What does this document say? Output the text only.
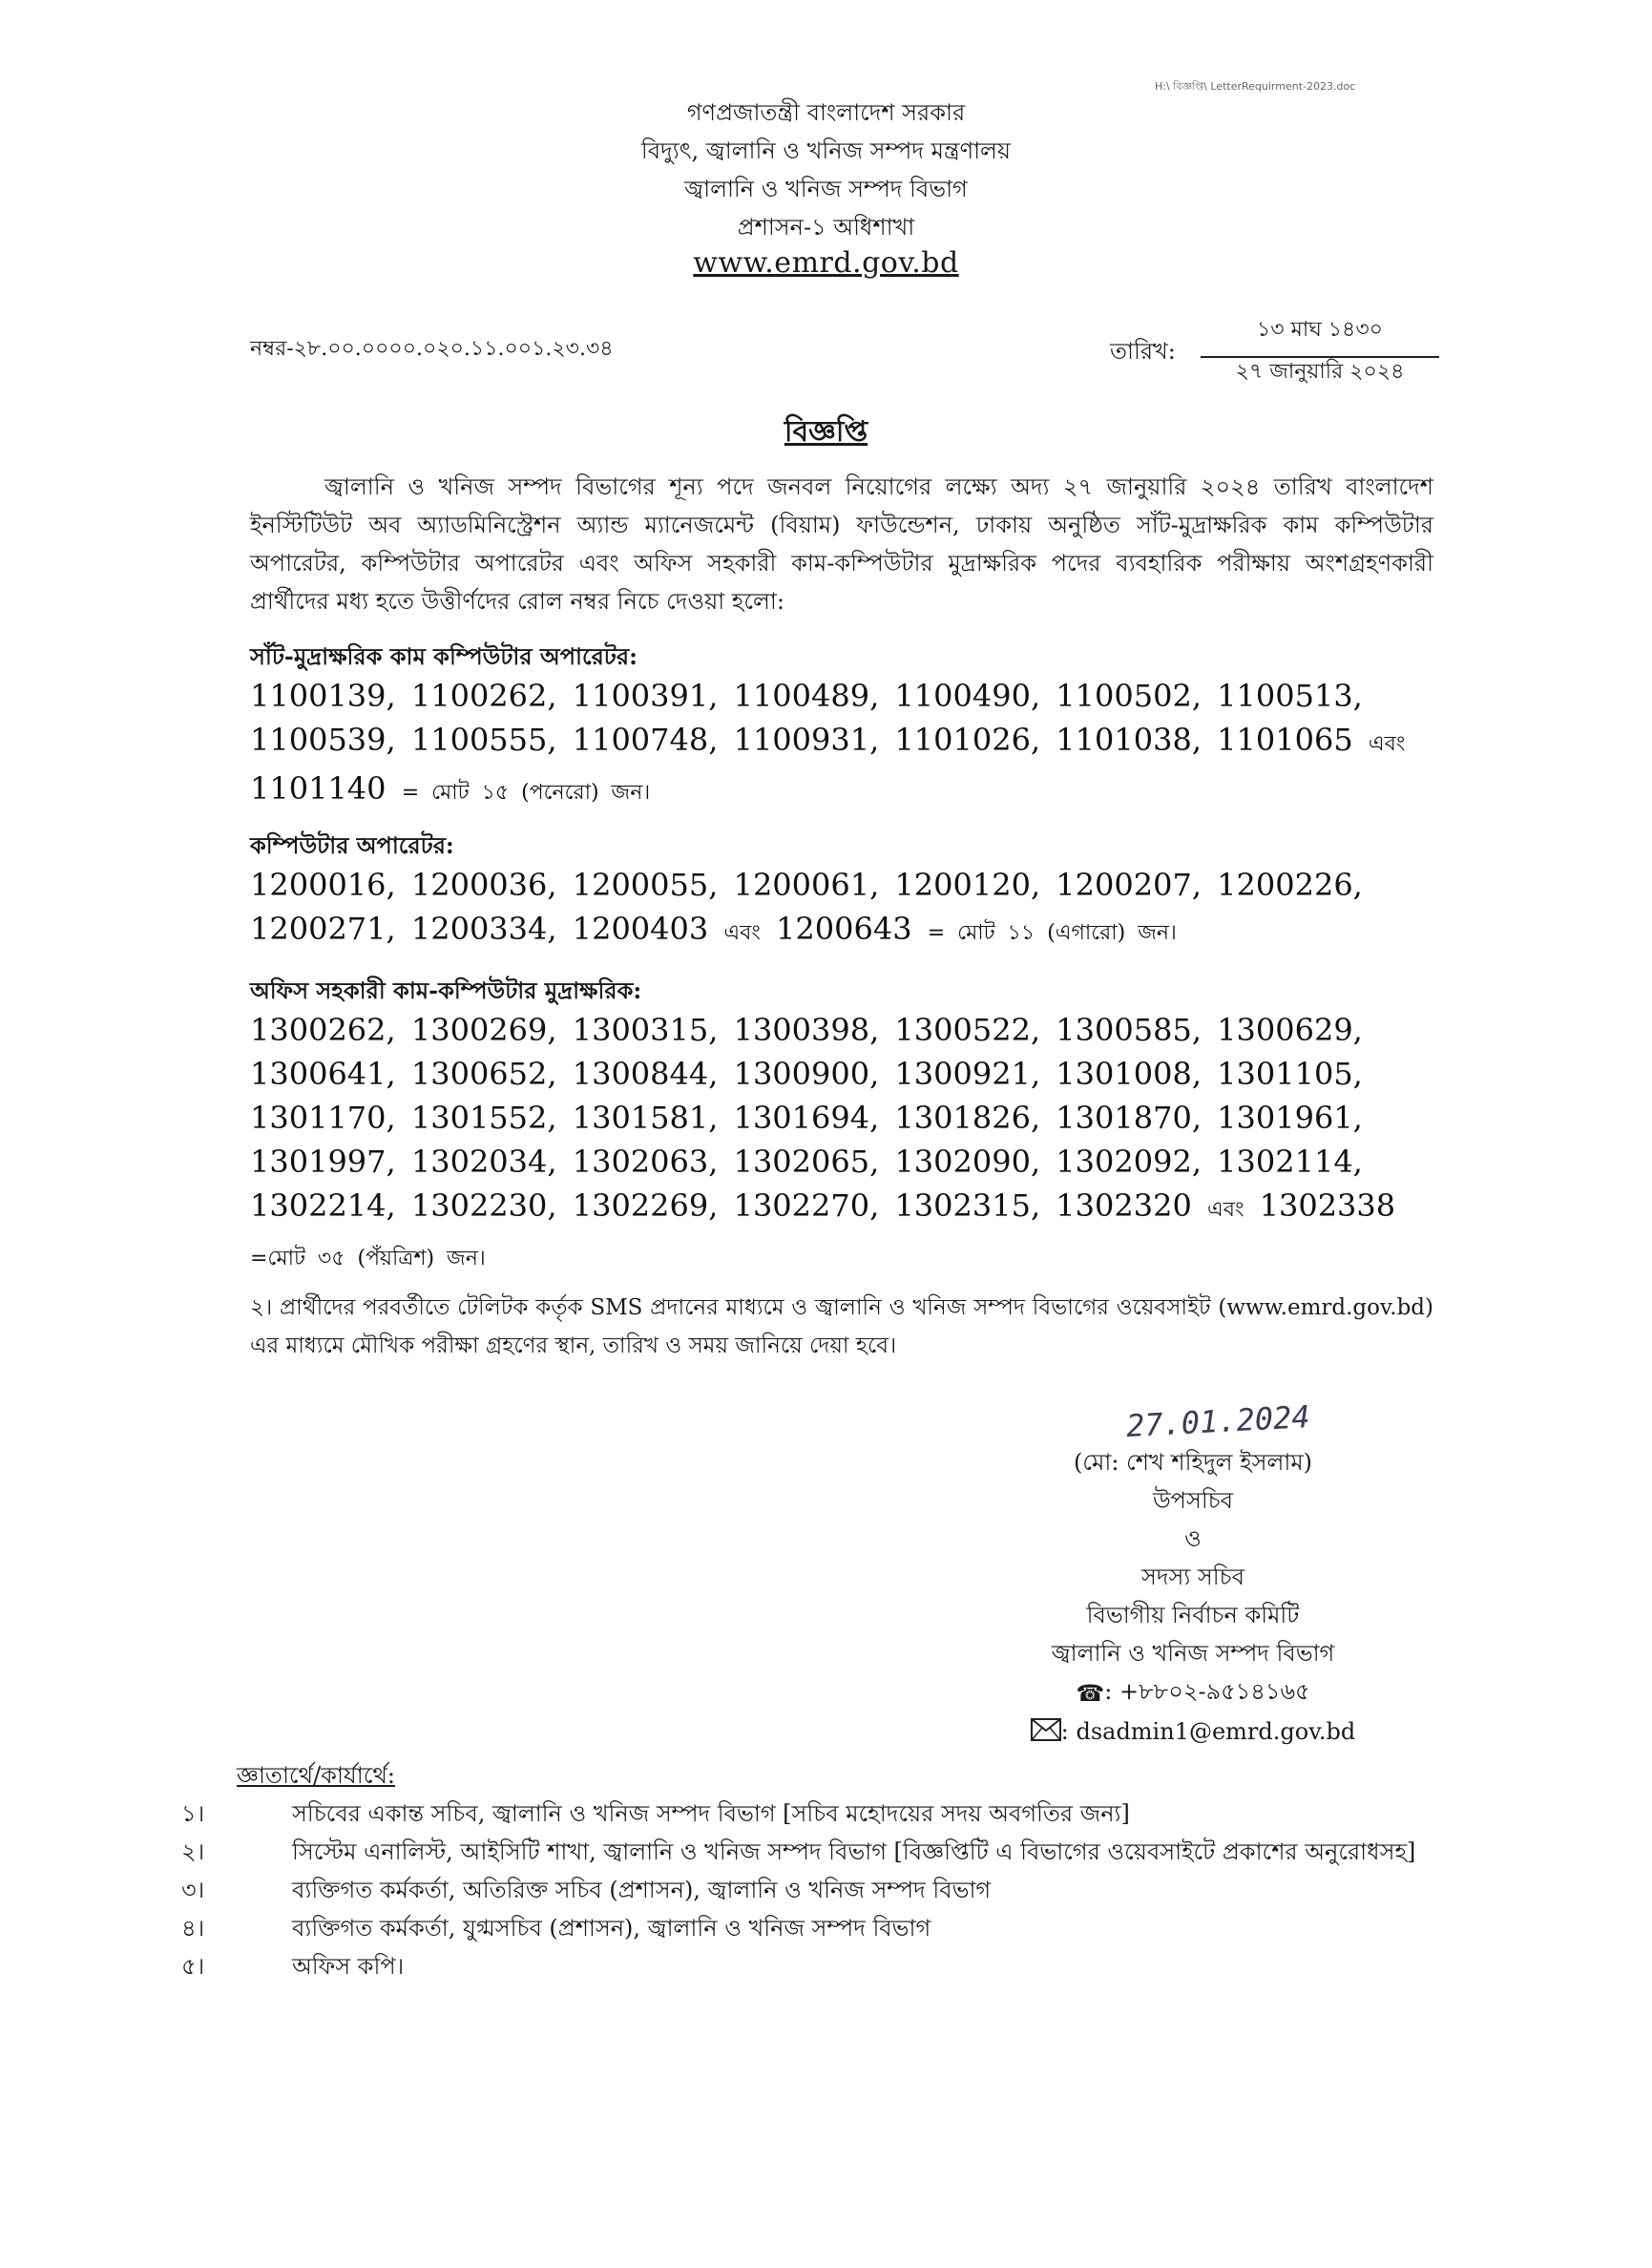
H:\ বিজ্ঞপ্তি\ LetterRequirment-2023.doc
গণপ্রজাতন্ত্রী বাংলাদেশ সরকার
বিদ্যুৎ, জ্বালানি ও খনিজ সম্পদ মন্ত্রণালয়
জ্বালানি ও খনিজ সম্পদ বিভাগ
প্রশাসন-১ অধিশাখা
www.emrd.gov.bd
নম্বর-২৮.০০.০০০০.০২০.১১.০০১.২৩.৩৪	তারিখ:
১৩ মাঘ ১৪৩০
২৭ জানুয়ারি ২০২৪
বিজ্ঞপ্তি
জ্বালানি ও খনিজ সম্পদ বিভাগের শূন্য পদে জনবল নিয়োগের লক্ষ্যে অদ্য ২৭ জানুয়ারি ২০২৪ তারিখ বাংলাদেশ ইনস্টিটিউট অব অ্যাডমিনিস্ট্রেশন অ্যান্ড ম্যানেজমেন্ট (বিয়াম) ফাউন্ডেশন, ঢাকায় অনুষ্ঠিত সাঁট-মুদ্রাক্ষরিক কাম কম্পিউটার অপারেটর, কম্পিউটার অপারেটর এবং অফিস সহকারী কাম-কম্পিউটার মুদ্রাক্ষরিক পদের ব্যবহারিক পরীক্ষায় অংশগ্রহণকারী প্রার্থীদের মধ্য হতে উত্তীর্ণদের রোল নম্বর নিচে দেওয়া হলো:
সাঁট-মুদ্রাক্ষরিক কাম কম্পিউটার অপারেটর:
1100139, 1100262, 1100391, 1100489, 1100490, 1100502, 1100513, 1100539, 1100555, 1100748, 1100931, 1101026, 1101038, 1101065 এবং 1101140 = মোট ১৫ (পনেরো) জন।
কম্পিউটার অপারেটর:
1200016, 1200036, 1200055, 1200061, 1200120, 1200207, 1200226, 1200271, 1200334, 1200403 এবং 1200643 = মোট ১১ (এগারো) জন।
অফিস সহকারী কাম-কম্পিউটার মুদ্রাক্ষরিক:
1300262, 1300269, 1300315, 1300398, 1300522, 1300585, 1300629, 1300641, 1300652, 1300844, 1300900, 1300921, 1301008, 1301105, 1301170, 1301552, 1301581, 1301694, 1301826, 1301870, 1301961, 1301997, 1302034, 1302063, 1302065, 1302090, 1302092, 1302114, 1302214, 1302230, 1302269, 1302270, 1302315, 1302320 এবং 1302338 =মোট ৩৫ (পঁয়ত্রিশ) জন।
২। প্রার্থীদের পরবর্তীতে টেলিটক কর্তৃক SMS প্রদানের মাধ্যমে ও জ্বালানি ও খনিজ সম্পদ বিভাগের ওয়েবসাইট (www.emrd.gov.bd) এর মাধ্যমে মৌখিক পরীক্ষা গ্রহণের স্থান, তারিখ ও সময় জানিয়ে দেয়া হবে।
27.01.2024
(মো: শেখ শহিদুল ইসলাম)
উপসচিব
ও
সদস্য সচিব
বিভাগীয় নির্বাচন কমিটি
জ্বালানি ও খনিজ সম্পদ বিভাগ
☎: +৮৮০২-৯৫১৪১৬৫
: dsadmin1@emrd.gov.bd
জ্ঞাতার্থে/কার্যার্থে:
১।	সচিবের একান্ত সচিব, জ্বালানি ও খনিজ সম্পদ বিভাগ [সচিব মহোদয়ের সদয় অবগতির জন্য]
২।	সিস্টেম এনালিস্ট, আইসিটি শাখা, জ্বালানি ও খনিজ সম্পদ বিভাগ [বিজ্ঞপ্তিটি এ বিভাগের ওয়েবসাইটে প্রকাশের অনুরোধসহ]
৩।	ব্যক্তিগত কর্মকর্তা, অতিরিক্ত সচিব (প্রশাসন), জ্বালানি ও খনিজ সম্পদ বিভাগ
৪।	ব্যক্তিগত কর্মকর্তা, যুগ্মসচিব (প্রশাসন), জ্বালানি ও খনিজ সম্পদ বিভাগ
৫।	অফিস কপি।
